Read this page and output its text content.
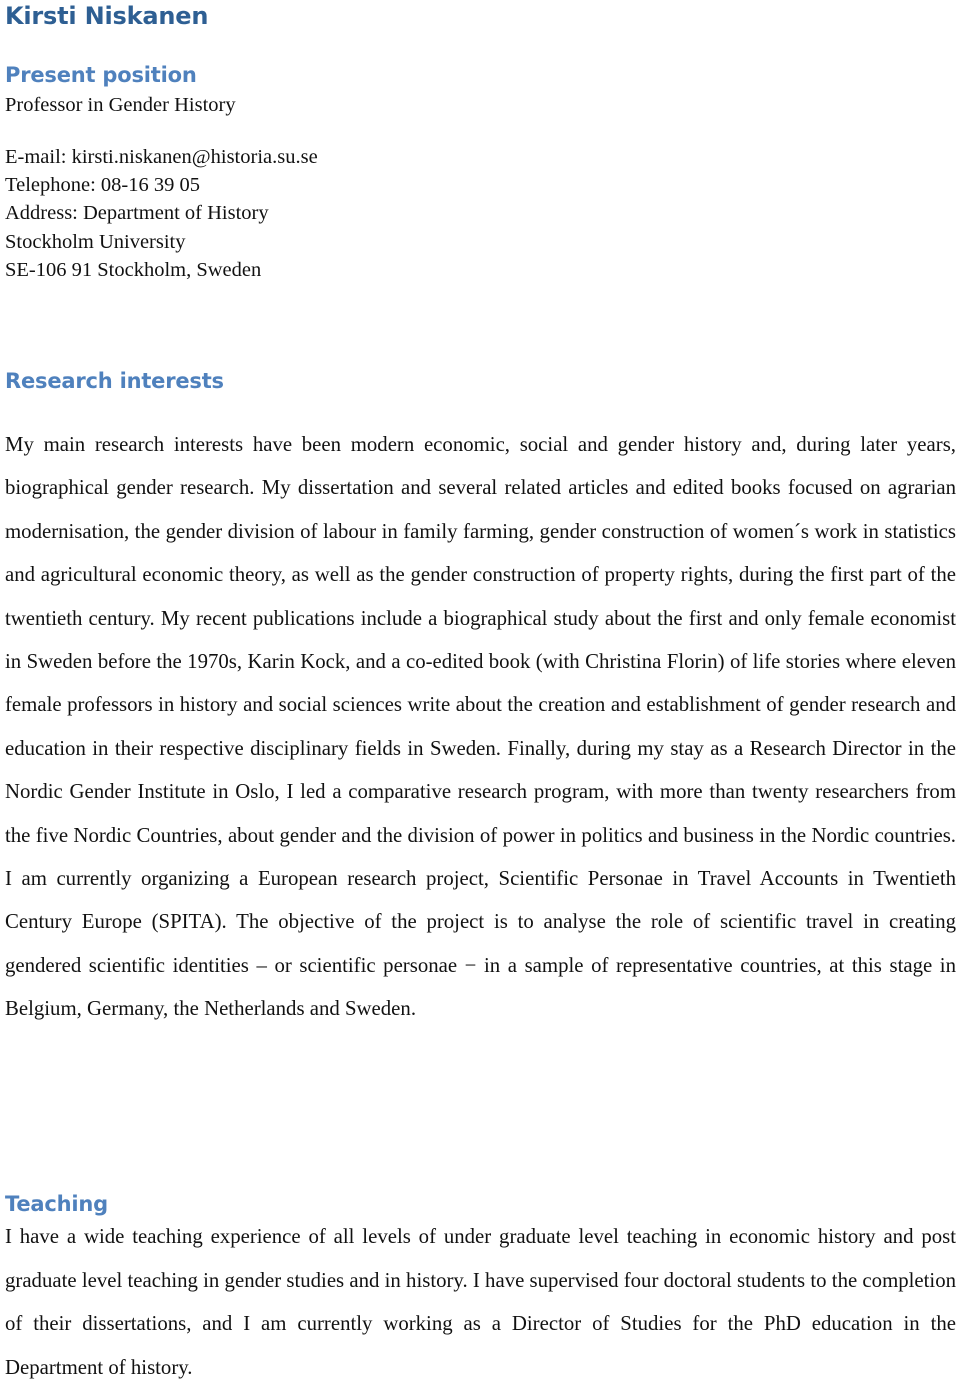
Kirsti Niskanen
Present position
Professor in Gender History
E-mail: kirsti.niskanen@historia.su.se
Telephone: 08-16 39 05
Address: Department of History
Stockholm University
SE-106 91 Stockholm, Sweden
Research interests
My main research interests have been modern economic, social and gender history and, during later years, biographical gender research. My dissertation and several related articles and edited books focused on agrarian modernisation, the gender division of labour in family farming, gender construction of women´s work in statistics and agricultural economic theory, as well as the gender construction of property rights, during the first part of the twentieth century. My recent publications include a biographical study about the first and only female economist in Sweden before the 1970s, Karin Kock, and a co-edited book (with Christina Florin) of life stories where eleven female professors in history and social sciences write about the creation and establishment of gender research and education in their respective disciplinary fields in Sweden. Finally, during my stay as a Research Director in the Nordic Gender Institute in Oslo, I led a comparative research program, with more than twenty researchers from the five Nordic Countries, about gender and the division of power in politics and business in the Nordic countries. I am currently organizing a European research project, Scientific Personae in Travel Accounts in Twentieth Century Europe (SPITA). The objective of the project is to analyse the role of scientific travel in creating gendered scientific identities – or scientific personae − in a sample of representative countries, at this stage in Belgium, Germany, the Netherlands and Sweden.
Teaching
I have a wide teaching experience of all levels of under graduate level teaching in economic history and post graduate level teaching in gender studies and in history. I have supervised four doctoral students to the completion of their dissertations, and I am currently working as a Director of Studies for the PhD education in the Department of history.
